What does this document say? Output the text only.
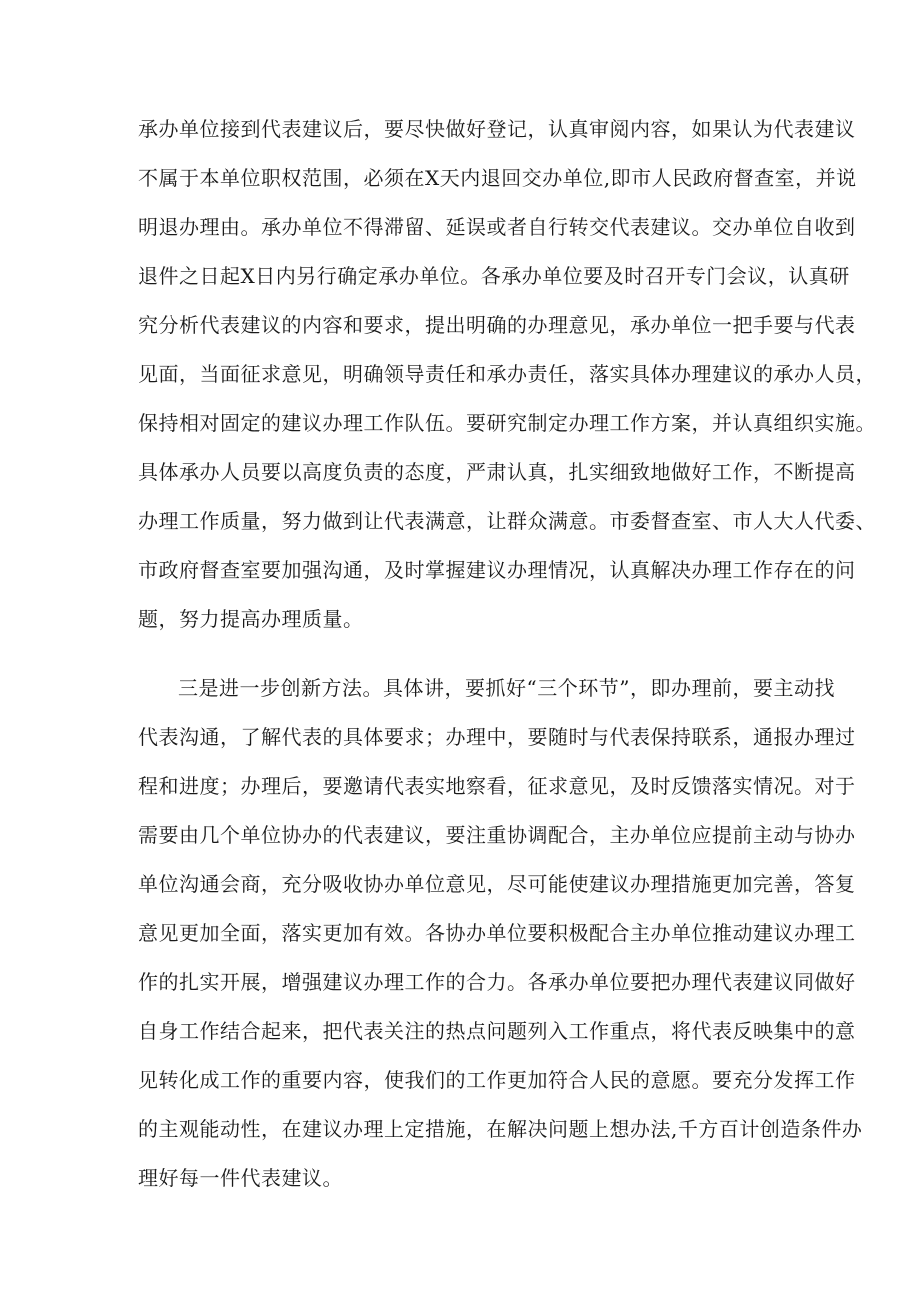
承办单位接到代表建议后，要尽快做好登记，认真审阅内容，如果认为代表建议
不属于本单位职权范围，必须在X天内退回交办单位,即市人民政府督查室，并说
明退办理由。承办单位不得滞留、延误或者自行转交代表建议。交办单位自收到
退件之日起X日内另行确定承办单位。各承办单位要及时召开专门会议，认真研
究分析代表建议的内容和要求，提出明确的办理意见，承办单位一把手要与代表
见面，当面征求意见，明确领导责任和承办责任，落实具体办理建议的承办人员，
保持相对固定的建议办理工作队伍。要研究制定办理工作方案，并认真组织实施。
具体承办人员要以高度负责的态度，严肃认真，扎实细致地做好工作，不断提高
办理工作质量，努力做到让代表满意，让群众满意。市委督查室、市人大人代委、
市政府督查室要加强沟通，及时掌握建议办理情况，认真解决办理工作存在的问
题，努力提高办理质量。
三是进一步创新方法。具体讲，要抓好“三个环节”，即办理前，要主动找
代表沟通，了解代表的具体要求；办理中，要随时与代表保持联系，通报办理过
程和进度；办理后，要邀请代表实地察看，征求意见，及时反馈落实情况。对于
需要由几个单位协办的代表建议，要注重协调配合，主办单位应提前主动与协办
单位沟通会商，充分吸收协办单位意见，尽可能使建议办理措施更加完善，答复
意见更加全面，落实更加有效。各协办单位要积极配合主办单位推动建议办理工
作的扎实开展，增强建议办理工作的合力。各承办单位要把办理代表建议同做好
自身工作结合起来，把代表关注的热点问题列入工作重点，将代表反映集中的意
见转化成工作的重要内容，使我们的工作更加符合人民的意愿。要充分发挥工作
的主观能动性，在建议办理上定措施，在解决问题上想办法,千方百计创造条件办
理好每一件代表建议。
